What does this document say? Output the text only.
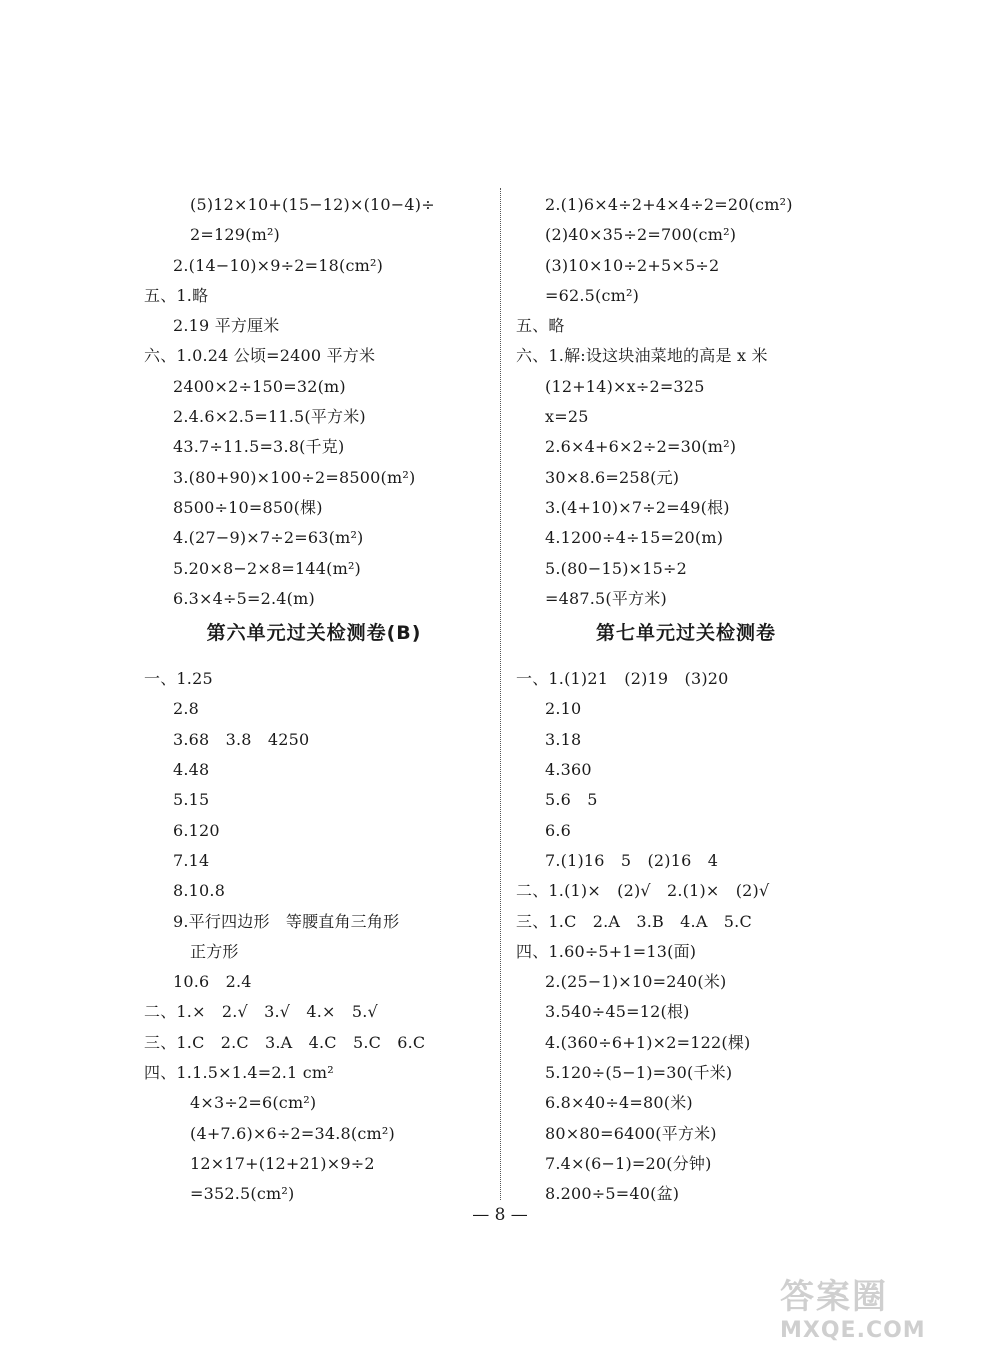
(5)12×10+(15−12)×(10−4)÷
2=129(m²)
2.(14−10)×9÷2=18(cm²)
五、1.略
2.19 平方厘米
六、1.0.24 公顷=2400 平方米
2400×2÷150=32(m)
2.4.6×2.5=11.5(平方米)
43.7÷11.5=3.8(千克)
3.(80+90)×100÷2=8500(m²)
8500÷10=850(棵)
4.(27−9)×7÷2=63(m²)
5.20×8−2×8=144(m²)
6.3×4÷5=2.4(m)
第六单元过关检测卷(B)
一、1.25
2.8
3.68　3.8　4250
4.48
5.15
6.120
7.14
8.10.8
9.平行四边形　等腰直角三角形
正方形
10.6　2.4
二、1.×　2.√　3.√　4.×　5.√
三、1.C　2.C　3.A　4.C　5.C　6.C
四、1.1.5×1.4=2.1 cm²
4×3÷2=6(cm²)
(4+7.6)×6÷2=34.8(cm²)
12×17+(12+21)×9÷2
=352.5(cm²)
2.(1)6×4÷2+4×4÷2=20(cm²)
(2)40×35÷2=700(cm²)
(3)10×10÷2+5×5÷2
=62.5(cm²)
五、略
六、1.解:设这块油菜地的高是 x 米
(12+14)×x÷2=325
x=25
2.6×4+6×2÷2=30(m²)
30×8.6=258(元)
3.(4+10)×7÷2=49(根)
4.1200÷4÷15=20(m)
5.(80−15)×15÷2
=487.5(平方米)
第七单元过关检测卷
一、1.(1)21　(2)19　(3)20
2.10
3.18
4.360
5.6　5
6.6
7.(1)16　5　(2)16　4
二、1.(1)×　(2)√　2.(1)×　(2)√
三、1.C　2.A　3.B　4.A　5.C
四、1.60÷5+1=13(面)
2.(25−1)×10=240(米)
3.540÷45=12(根)
4.(360÷6+1)×2=122(棵)
5.120÷(5−1)=30(千米)
6.8×40÷4=80(米)
80×80=6400(平方米)
7.4×(6−1)=20(分钟)
8.200÷5=40(盆)
— 8 —
答案圈
MXQE.COM
